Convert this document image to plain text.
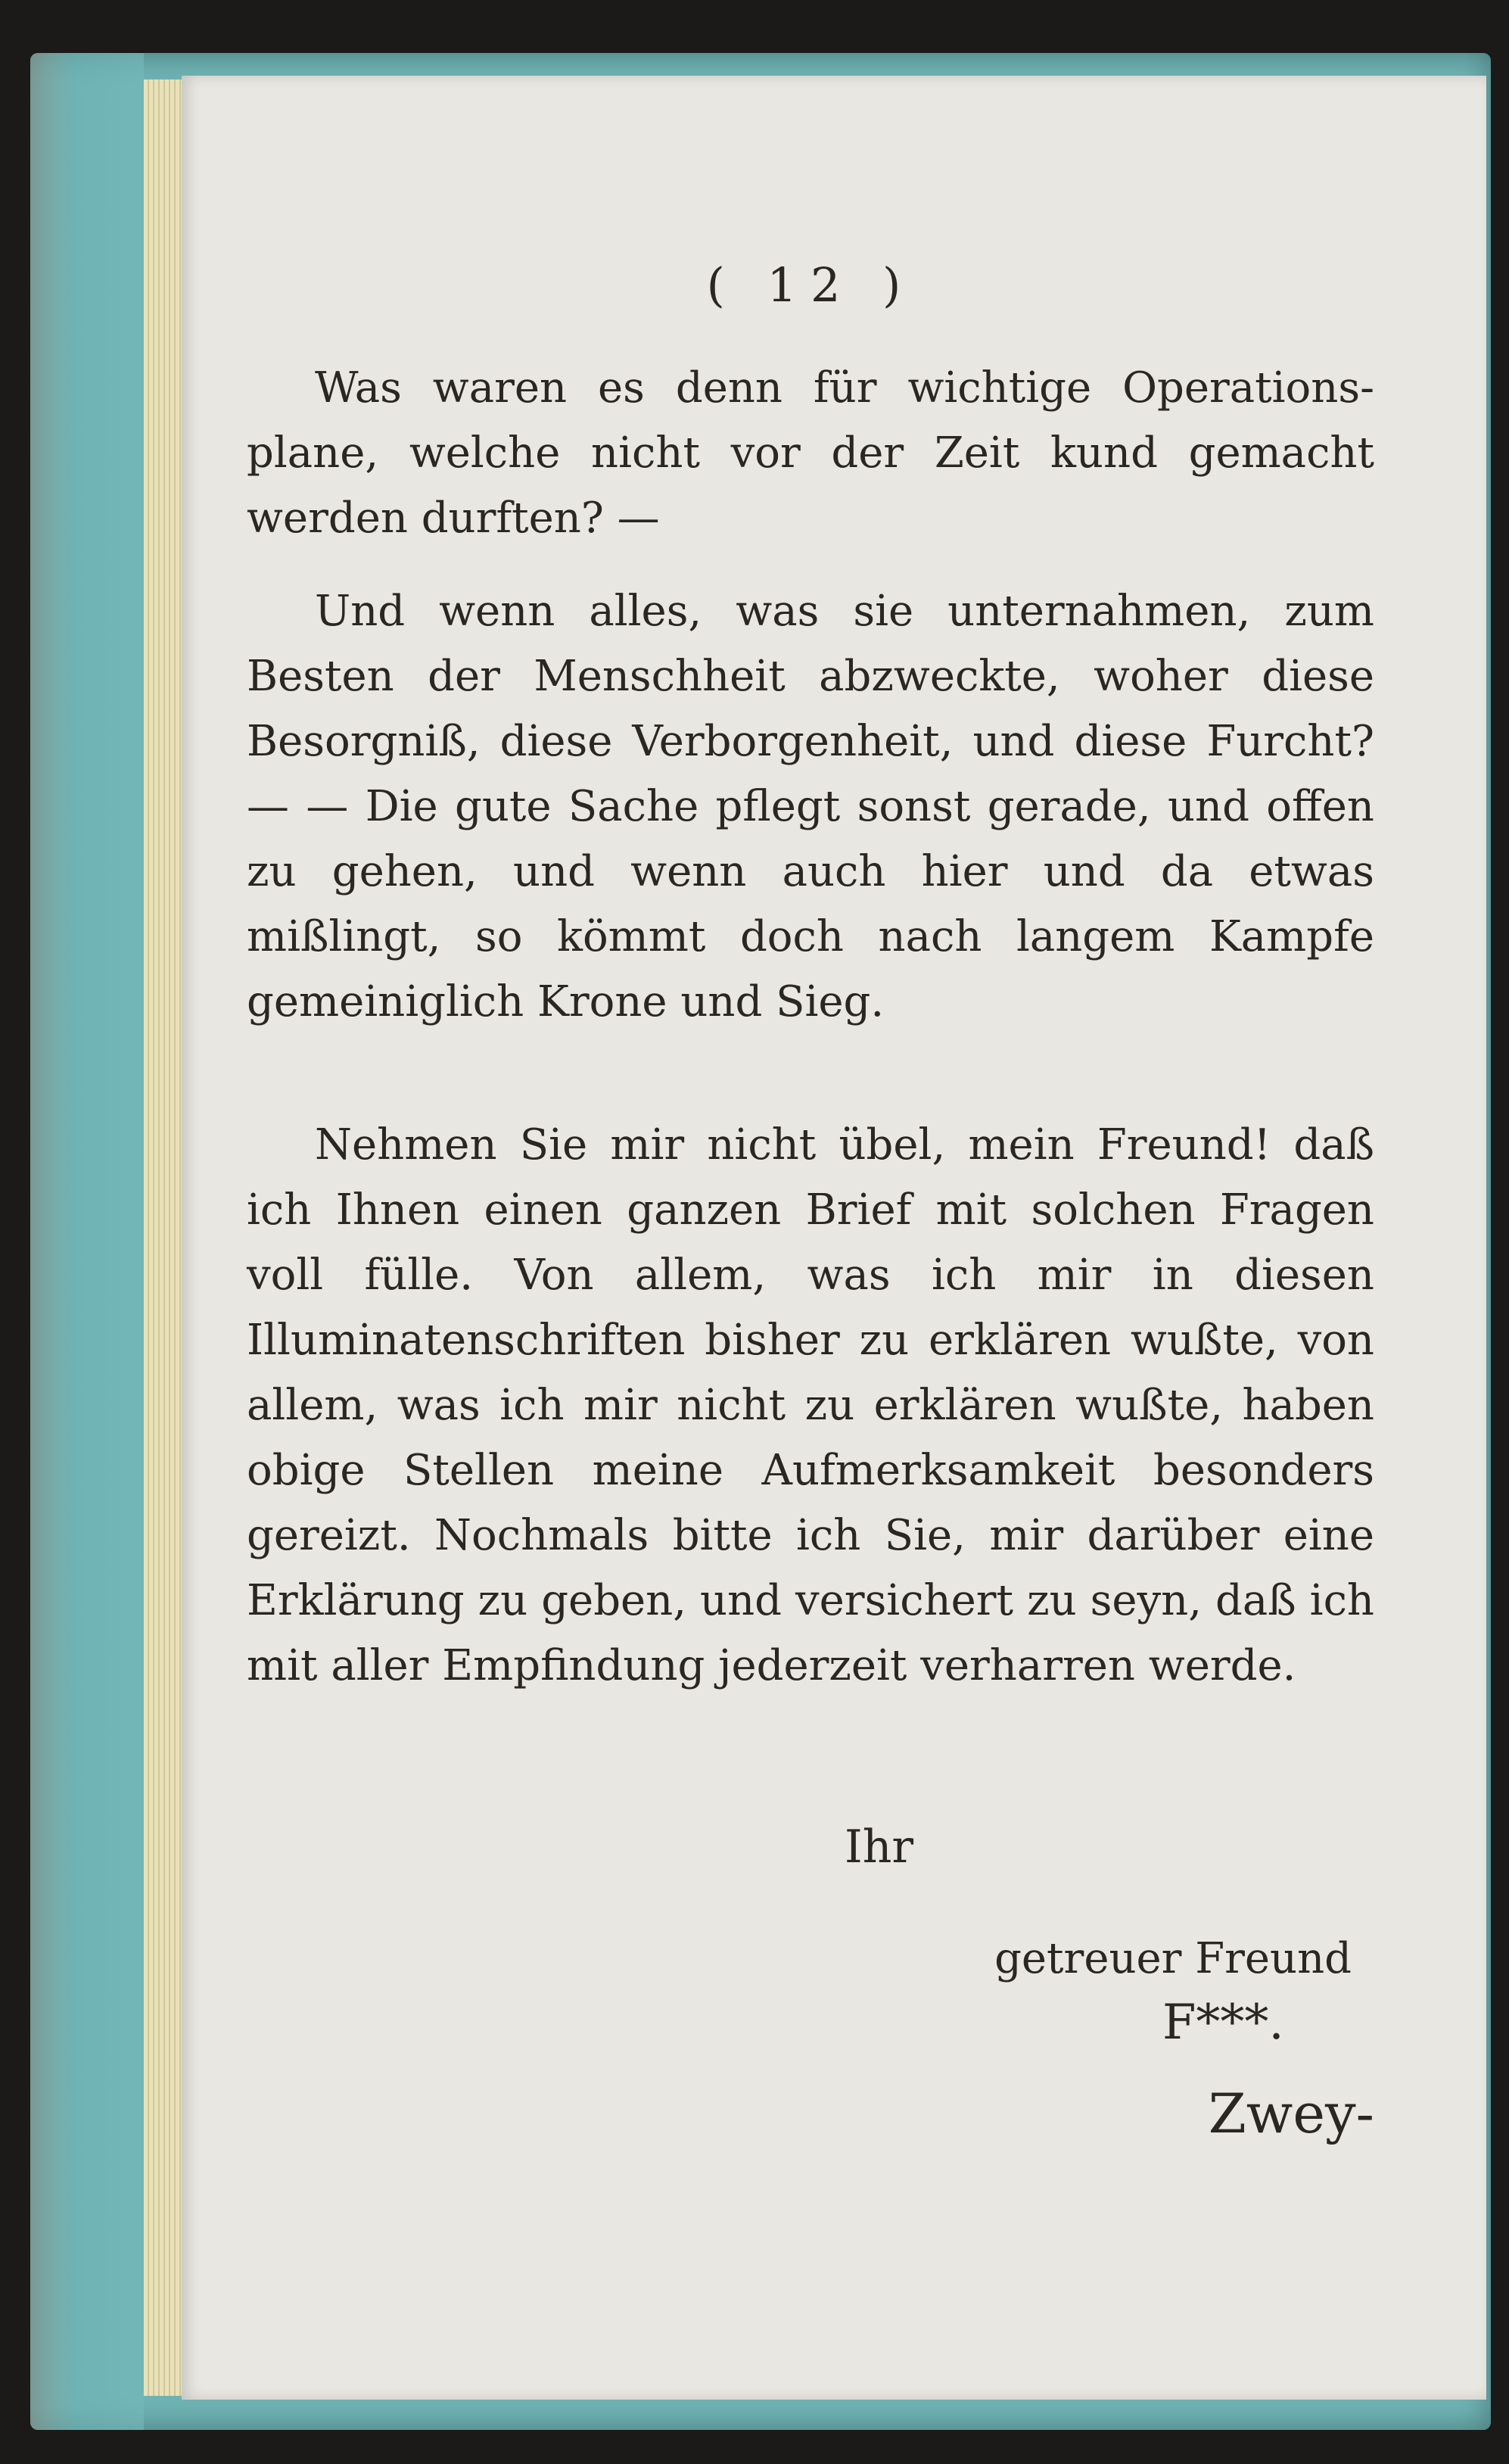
( 12 )
Was waren es denn für wichtige Operations-plane, welche nicht vor der Zeit kund gemacht werden durften? —
Und wenn alles, was sie unternahmen, zum Besten der Menschheit abzweckte, woher diese Besorgniß, diese Verborgenheit, und diese Furcht? — — Die gute Sache pflegt sonst gerade, und offen zu gehen, und wenn auch hier und da etwas mißlingt, so kömmt doch nach langem Kampfe gemeiniglich Krone und Sieg.
Nehmen Sie mir nicht übel, mein Freund! daß ich Ihnen einen ganzen Brief mit solchen Fragen voll fülle. Von allem, was ich mir in diesen Illuminatenschriften bisher zu erklären wußte, von allem, was ich mir nicht zu erklären wußte, haben obige Stellen meine Aufmerksamkeit besonders gereizt. Nochmals bitte ich Sie, mir darüber eine Erklärung zu geben, und versichert zu seyn, daß ich mit aller Empfindung jederzeit verharren werde.
Ihr
getreuer Freund
F***.
Zwey-
